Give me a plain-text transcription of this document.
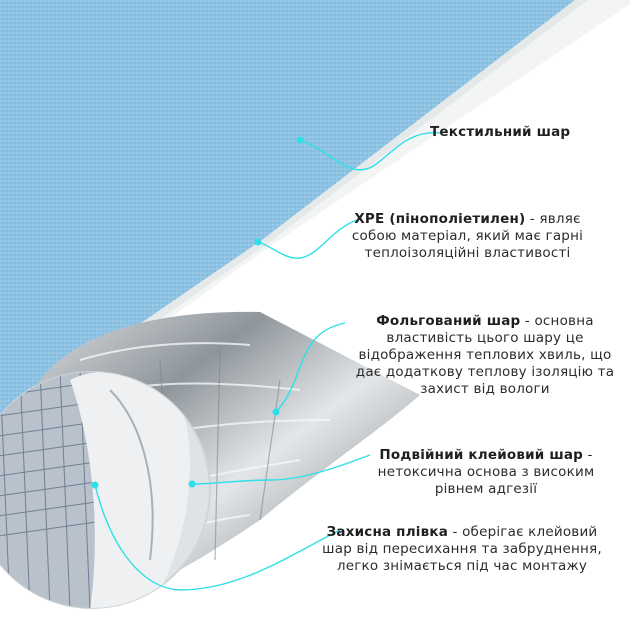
Текстильний шар
XPE (пінополіетилен) - являє собою матеріал, який має гарні теплоізоляційні властивості
Фольгований шар - основна властивість цього шару це відображення теплових хвиль, що дає додаткову теплову ізоляцію та захист від вологи
Подвійний клейовий шар - нетоксична основа з високим рівнем адгезії
Захисна плівка - оберігає клейовий шар від пересихання та забруднення, легко знімається під час монтажу
